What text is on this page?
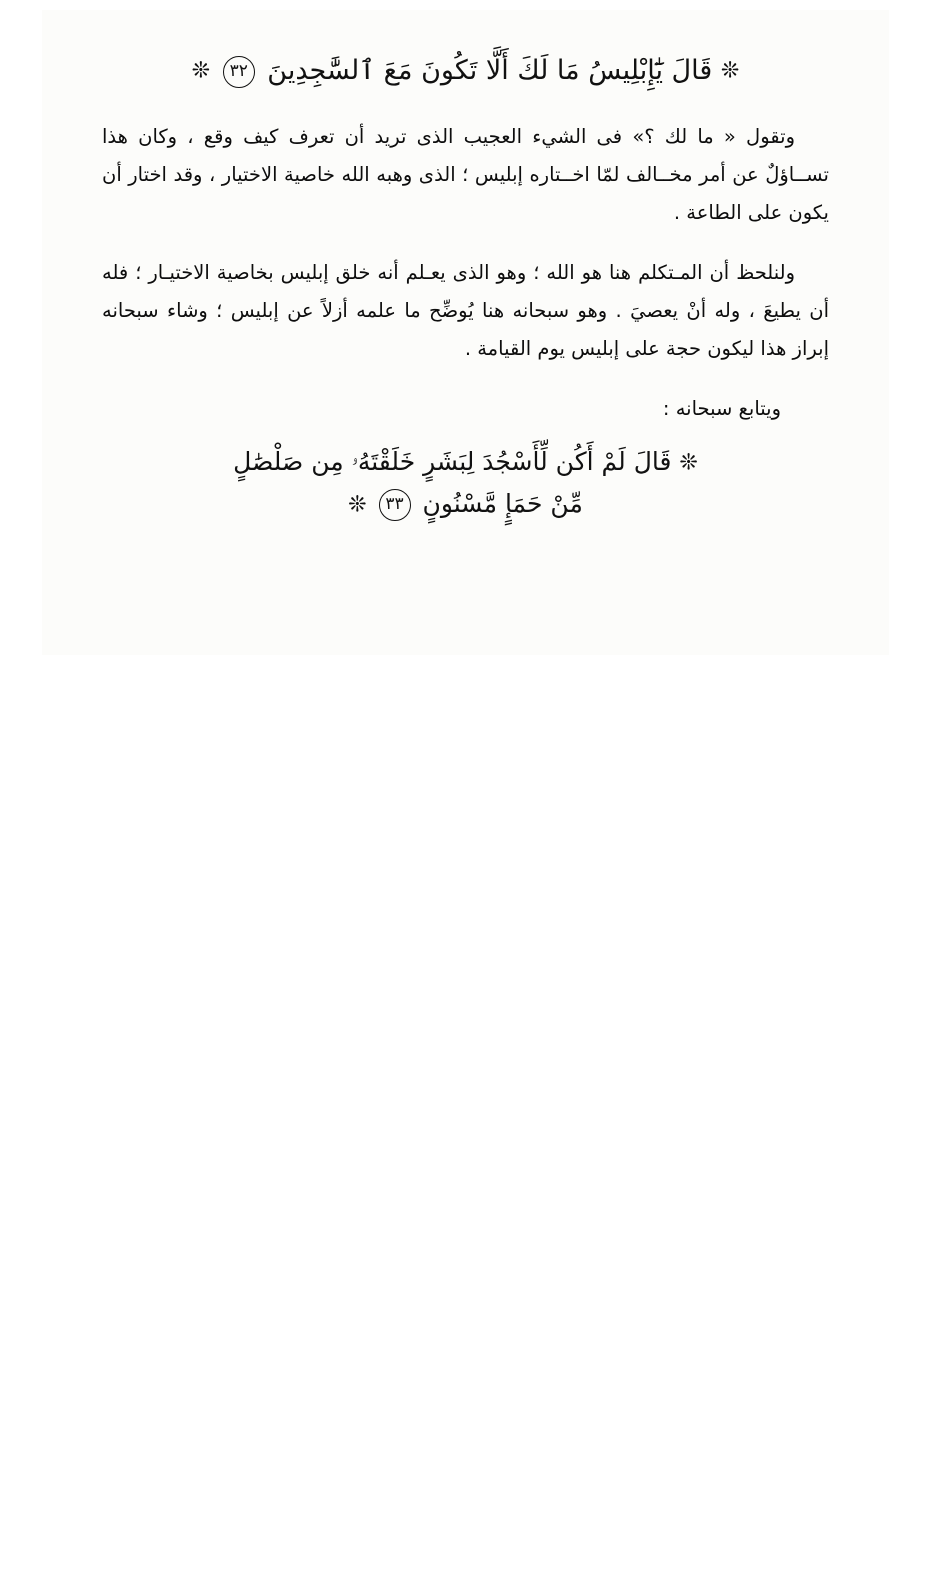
❊ قَالَ يَٰٓإِبْلِيسُ مَا لَكَ أَلَّا تَكُونَ مَعَ ٱلسَّٰجِدِينَ ٣٢ ❊

وتقول « ما لك ؟» فى الشيء العجيب الذى تريد أن تعرف كيف وقع ، وكان هذا تســاؤلٌ عن أمر مخــالف لمّا اخــتاره إبليس ؛ الذى وهبه الله خاصية الاختيار ، وقد اختار أن يكون على الطاعة .

ولنلحظ أن المـتكلم هنا هو الله ؛ وهو الذى يعـلم أنه خلق إبليس بخاصية الاختيـار ؛ فله أن يطيعَ ، وله أنْ يعصيَ . وهو سبحانه هنا يُوضِّح ما علمه أزلاً عن إبليس ؛ وشاء سبحانه إبراز هذا ليكون حجة على إبليس يوم القيامة .

ويتابع سبحانه :

❊ قَالَ لَمْ أَكُن لِّأَسْجُدَ لِبَشَرٍ خَلَقْتَهُۥ مِن صَلْصَٰلٍ
مِّنْ حَمَإٍ مَّسْنُونٍ ٣٣ ❊
